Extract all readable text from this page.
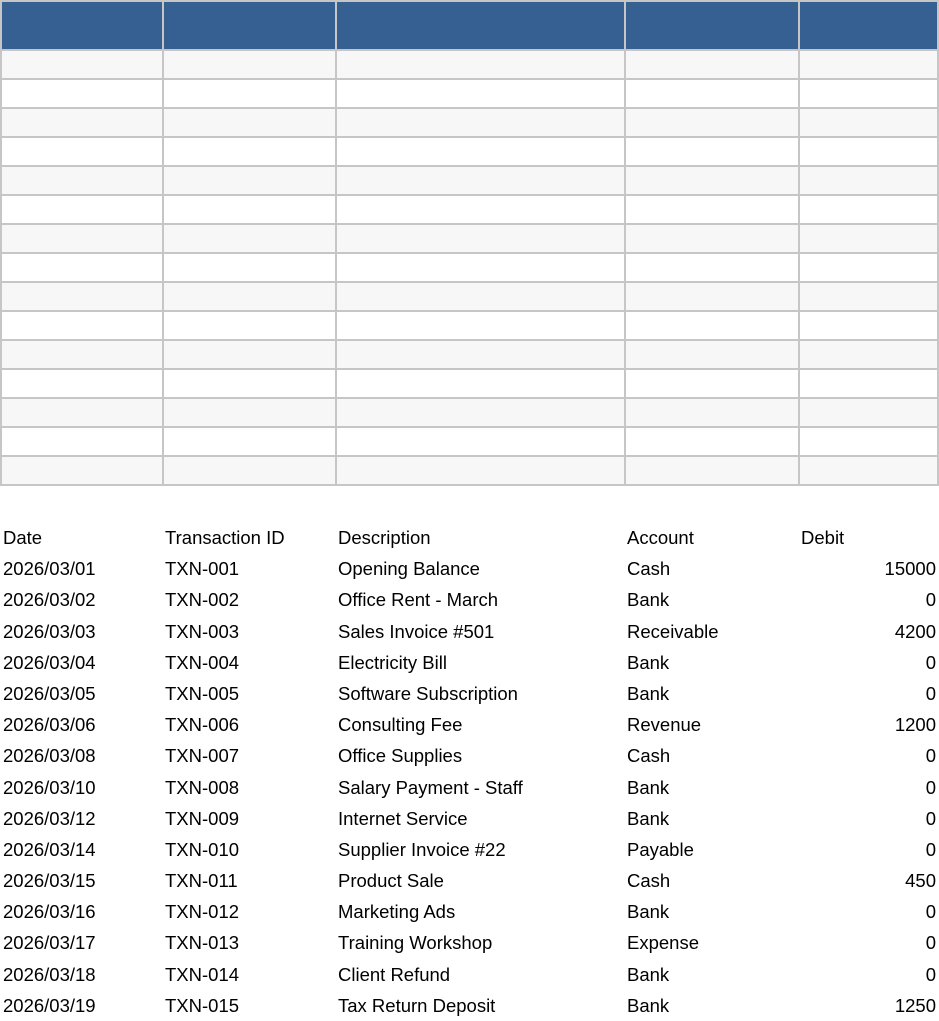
Date	Transaction ID	Description	Account	Debit
2026/03/01	TXN-001	Opening Balance	Cash	15000
2026/03/02	TXN-002	Office Rent - March	Bank	0
2026/03/03	TXN-003	Sales Invoice #501	Receivable	4200
2026/03/04	TXN-004	Electricity Bill	Bank	0
2026/03/05	TXN-005	Software Subscription	Bank	0
2026/03/06	TXN-006	Consulting Fee	Revenue	1200
2026/03/08	TXN-007	Office Supplies	Cash	0
2026/03/10	TXN-008	Salary Payment - Staff	Bank	0
2026/03/12	TXN-009	Internet Service	Bank	0
2026/03/14	TXN-010	Supplier Invoice #22	Payable	0
2026/03/15	TXN-011	Product Sale	Cash	450
2026/03/16	TXN-012	Marketing Ads	Bank	0
2026/03/17	TXN-013	Training Workshop	Expense	0
2026/03/18	TXN-014	Client Refund	Bank	0
2026/03/19	TXN-015	Tax Return Deposit	Bank	1250
